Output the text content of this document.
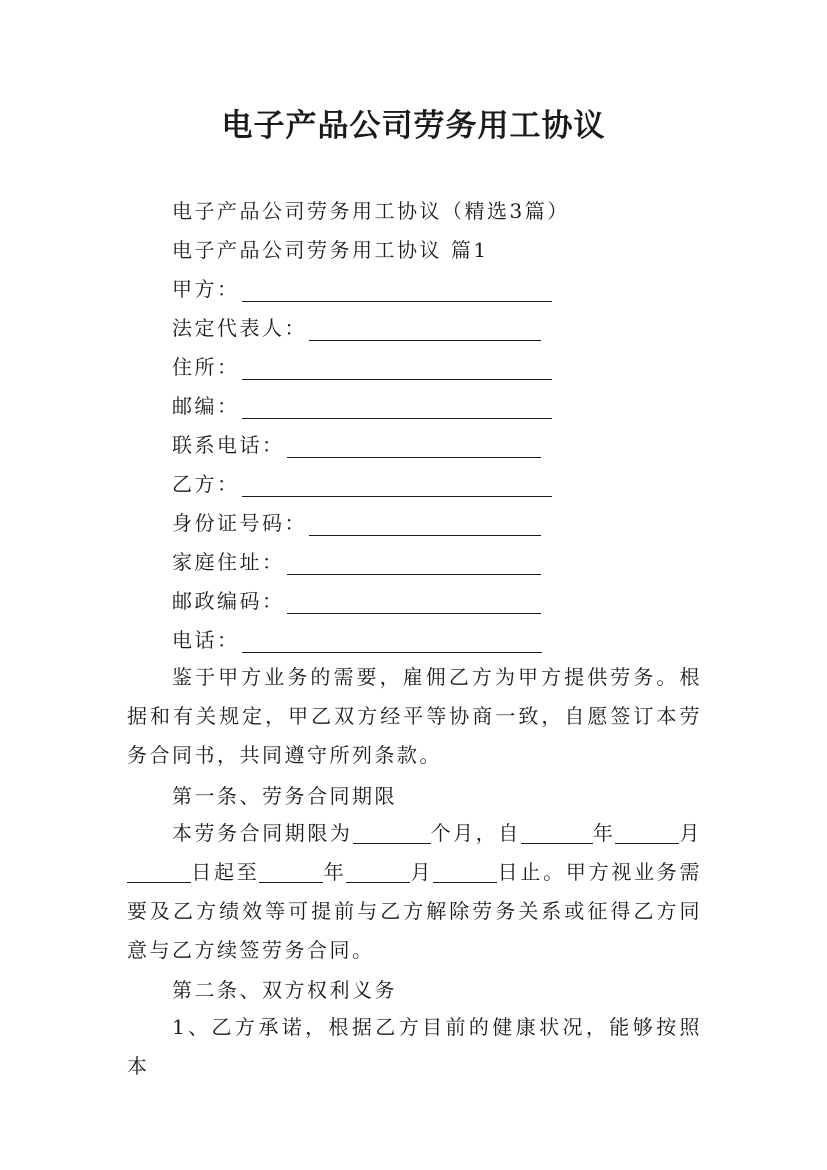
电子产品公司劳务用工协议
电子产品公司劳务用工协议（精选3篇）
电子产品公司劳务用工协议 篇1
甲方：
法定代表人：
住所：
邮编：
联系电话：
乙方：
身份证号码：
家庭住址：
邮政编码：
电话：
鉴于甲方业务的需要，雇佣乙方为甲方提供劳务。根据和有关规定，甲乙双方经平等协商一致，自愿签订本劳务合同书，共同遵守所列条款。
第一条、劳务合同期限
本劳务合同期限为	个月，自	年	月日起至	年	月	日止。甲方视业务需要及乙方绩效等可提前与乙方解除劳务关系或征得乙方同意与乙方续签劳务合同。
第二条、双方权利义务
1、乙方承诺，根据乙方目前的健康状况，能够按照本
